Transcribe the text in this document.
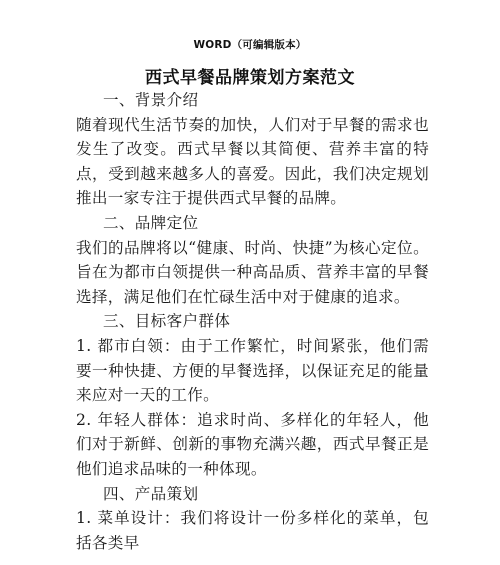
WORD（可编辑版本）
西式早餐品牌策划方案范文

一、背景介绍

随着现代生活节奏的加快，人们对于早餐的需求也发生了改变。西式早餐以其简便、营养丰富的特点，受到越来越多人的喜爱。因此，我们决定规划推出一家专注于提供西式早餐的品牌。

二、品牌定位

我们的品牌将以“健康、时尚、快捷”为核心定位。旨在为都市白领提供一种高品质、营养丰富的早餐选择，满足他们在忙碌生活中对于健康的追求。

三、目标客户群体

1. 都市白领：由于工作繁忙，时间紧张，他们需要一种快捷、方便的早餐选择，以保证充足的能量来应对一天的工作。

2. 年轻人群体：追求时尚、多样化的年轻人，他们对于新鲜、创新的事物充满兴趣，西式早餐正是他们追求品味的一种体现。

四、产品策划

1. 菜单设计：我们将设计一份多样化的菜单，包括各类早
